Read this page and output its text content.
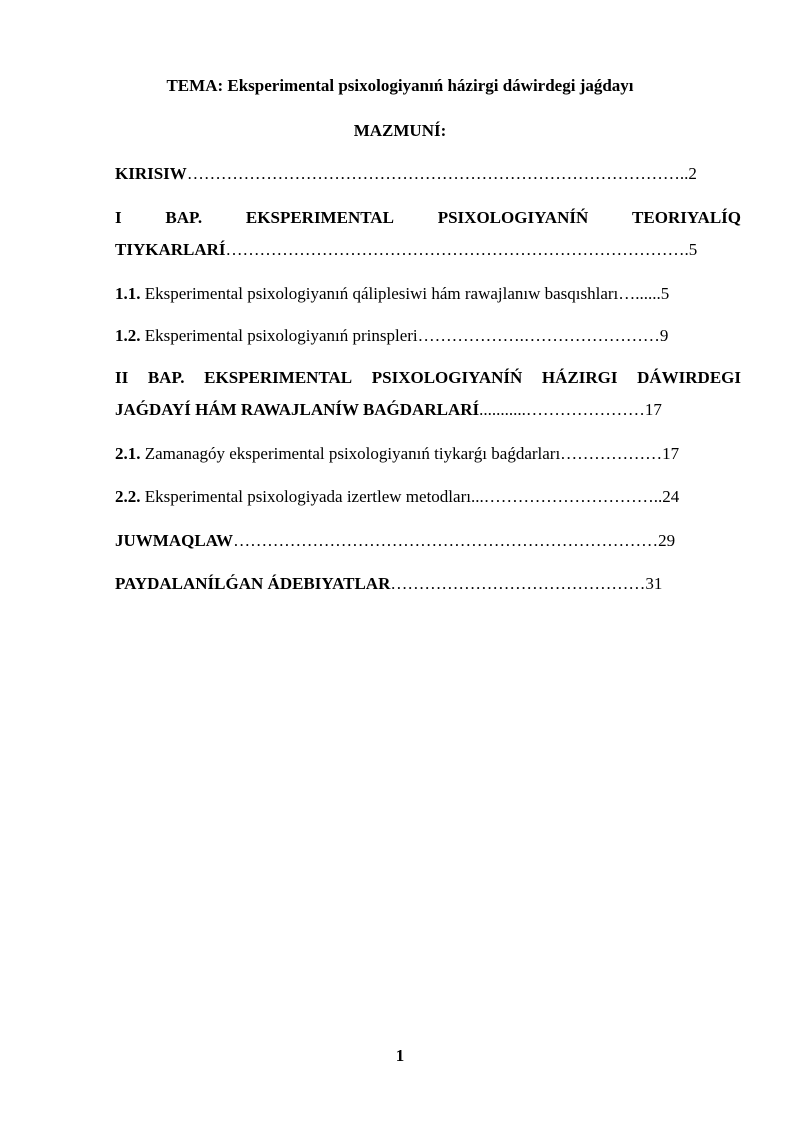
TEMA: Eksperimental psixologiyanıń házirgi dáwirdegi jaǵdayı
MAZMUNÍ:
KIRISIW……………………………………………………………………………..2
I	BAP.	EKSPERIMENTAL	PSIXOLOGIYANÍŃ	TEORIYALÍQ
TIYKARLARÍ……………………………………………………………………….5
1.1. Eksperimental psixologiyanıń qáliplesiwi hám rawajlanıw basqıshları…......5
1.2. Eksperimental psixologiyanıń prinspleri……………….……………………9
II BAP. EKSPERIMENTAL PSIXOLOGIYANÍŃ HÁZIRGI DÁWIRDEGI
JAǴDAYÍ HÁM RAWAJLANÍW BAǴDARLARÍ...........…………………17
2.1. Zamanagóy eksperimental psixologiyanıń tiykarǵı baǵdarları………………17
2.2. Eksperimental psixologiyada izertlew metodları...…………………………..24
JUWMAQLAW…………………………………………………………………29
PAYDALANÍLǴAN ÁDEBIYATLAR………………………………………31
1
